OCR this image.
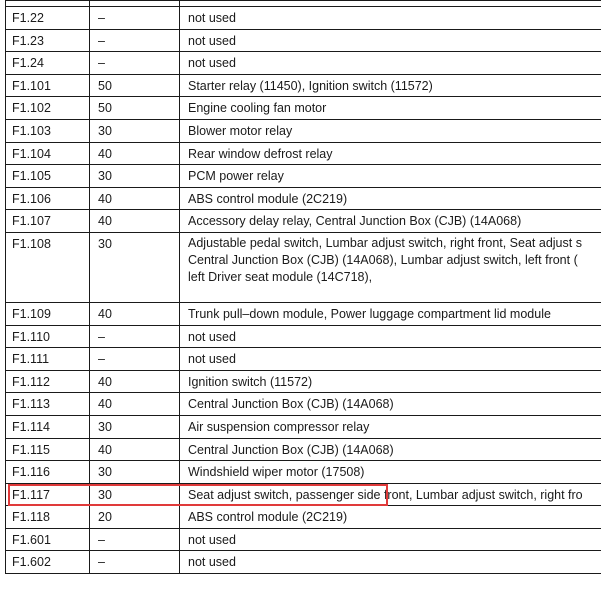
F1.22	–	not used
F1.23	–	not used
F1.24	–	not used
F1.101	50	Starter relay (11450), Ignition switch (11572)
F1.102	50	Engine cooling fan motor
F1.103	30	Blower motor relay
F1.104	40	Rear window defrost relay
F1.105	30	PCM power relay
F1.106	40	ABS control module (2C219)
F1.107	40	Accessory delay relay, Central Junction Box (CJB) (14A068)
F1.108	30	Adjustable pedal switch, Lumbar adjust switch, right front, Seat adjust s
Central Junction Box (CJB) (14A068), Lumbar adjust switch, left front (
left Driver seat module (14C718),

F1.109	40	Trunk pull–down module, Power luggage compartment lid module
F1.110	–	not used
F1.111	–	not used
F1.112	40	Ignition switch (11572)
F1.113	40	Central Junction Box (CJB) (14A068)
F1.114	30	Air suspension compressor relay
F1.115	40	Central Junction Box (CJB) (14A068)
F1.116	30	Windshield wiper motor (17508)
F1.117	30	Seat adjust switch, passenger side front, Lumbar adjust switch, right fro
F1.118	20	ABS control module (2C219)
F1.601	–	not used
F1.602	–	not used
